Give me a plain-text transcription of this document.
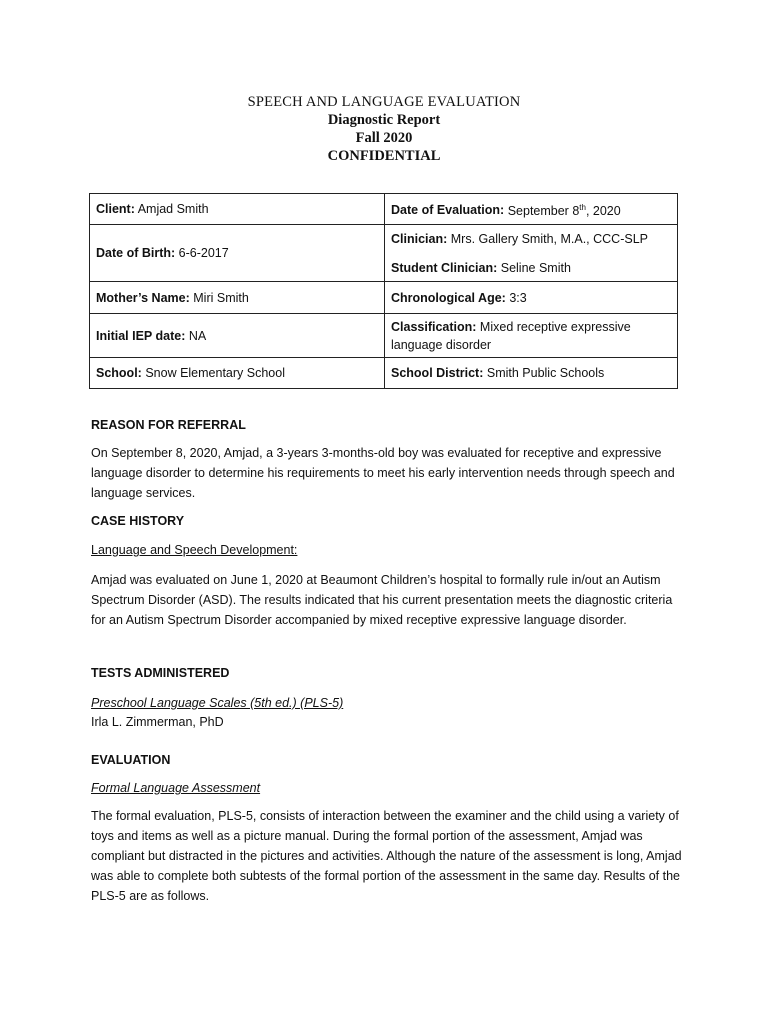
SPEECH AND LANGUAGE EVALUATION
Diagnostic Report
Fall 2020
CONFIDENTIAL
Client: Amjad Smith	Date of Evaluation: September 8th, 2020
Date of Birth: 6-6-2017	Clinician: Mrs. Gallery Smith, M.A., CCC-SLP
Student Clinician: Seline Smith

Mother’s Name: Miri Smith	Chronological Age: 3:3
Initial IEP date: NA	Classification: Mixed receptive expressive language disorder
School: Snow Elementary School	School District: Smith Public Schools
REASON FOR REFERRAL

On September 8, 2020, Amjad, a 3-years 3-months-old boy was evaluated for receptive and expressive language disorder to determine his requirements to meet his early intervention needs through speech and language services.

CASE HISTORY
Language and Speech Development:

Amjad was evaluated on June 1, 2020 at Beaumont Children’s hospital to formally rule in/out an Autism Spectrum Disorder (ASD). The results indicated that his current presentation meets the diagnostic criteria for an Autism Spectrum Disorder accompanied by mixed receptive expressive language disorder.

TESTS ADMINISTERED
Preschool Language Scales (5th ed.) (PLS-5)
Irla L. Zimmerman, PhD
EVALUATION
Formal Language Assessment

The formal evaluation, PLS-5, consists of interaction between the examiner and the child using a variety of toys and items as well as a picture manual. During the formal portion of the assessment, Amjad was compliant but distracted in the pictures and activities. Although the nature of the assessment is long, Amjad was able to complete both subtests of the formal portion of the assessment in the same day. Results of the PLS-5 are as follows.
